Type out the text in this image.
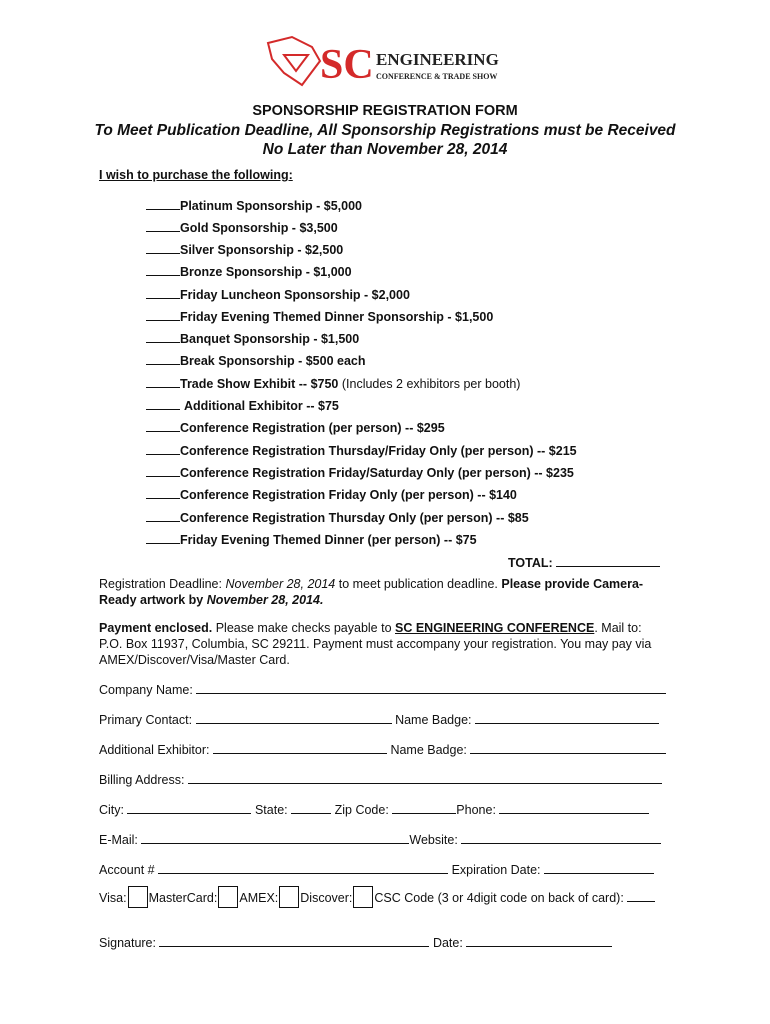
SC ENGINEERING
CONFERENCE & TRADE SHOW
SPONSORSHIP REGISTRATION FORM
To Meet Publication Deadline, All Sponsorship Registrations must be Received
No Later than November 28, 2014
I wish to purchase the following:
Platinum Sponsorship - $5,000
Gold Sponsorship - $3,500
Silver Sponsorship - $2,500
Bronze Sponsorship - $1,000
Friday Luncheon Sponsorship - $2,000
Friday Evening Themed Dinner Sponsorship - $1,500
Banquet Sponsorship - $1,500
Break Sponsorship - $500 each
Trade Show Exhibit -- $750 (Includes 2 exhibitors per booth)
Additional Exhibitor -- $75
Conference Registration (per person) -- $295
Conference Registration Thursday/Friday Only (per person) -- $215
Conference Registration Friday/Saturday Only (per person) -- $235
Conference Registration Friday Only (per person) -- $140
Conference Registration Thursday Only (per person) -- $85
Friday Evening Themed Dinner (per person) -- $75
TOTAL:
Registration Deadline: November 28, 2014 to meet publication deadline. Please provide Camera-
Ready artwork by November 28, 2014.
Payment enclosed. Please make checks payable to SC ENGINEERING CONFERENCE. Mail to:
P.O. Box 11937, Columbia, SC 29211. Payment must accompany your registration. You may pay via
AMEX/Discover/Visa/Master Card.
Company Name:
Primary Contact:	Name Badge:
Additional Exhibitor:	Name Badge:
Billing Address:
City:	State:	Zip Code:	Phone:
E-Mail:	Website:
Account #	Expiration Date:
Visa: MasterCard: AMEX: Discover: CSC Code (3 or 4digit code on back of card):
Signature:	Date:
